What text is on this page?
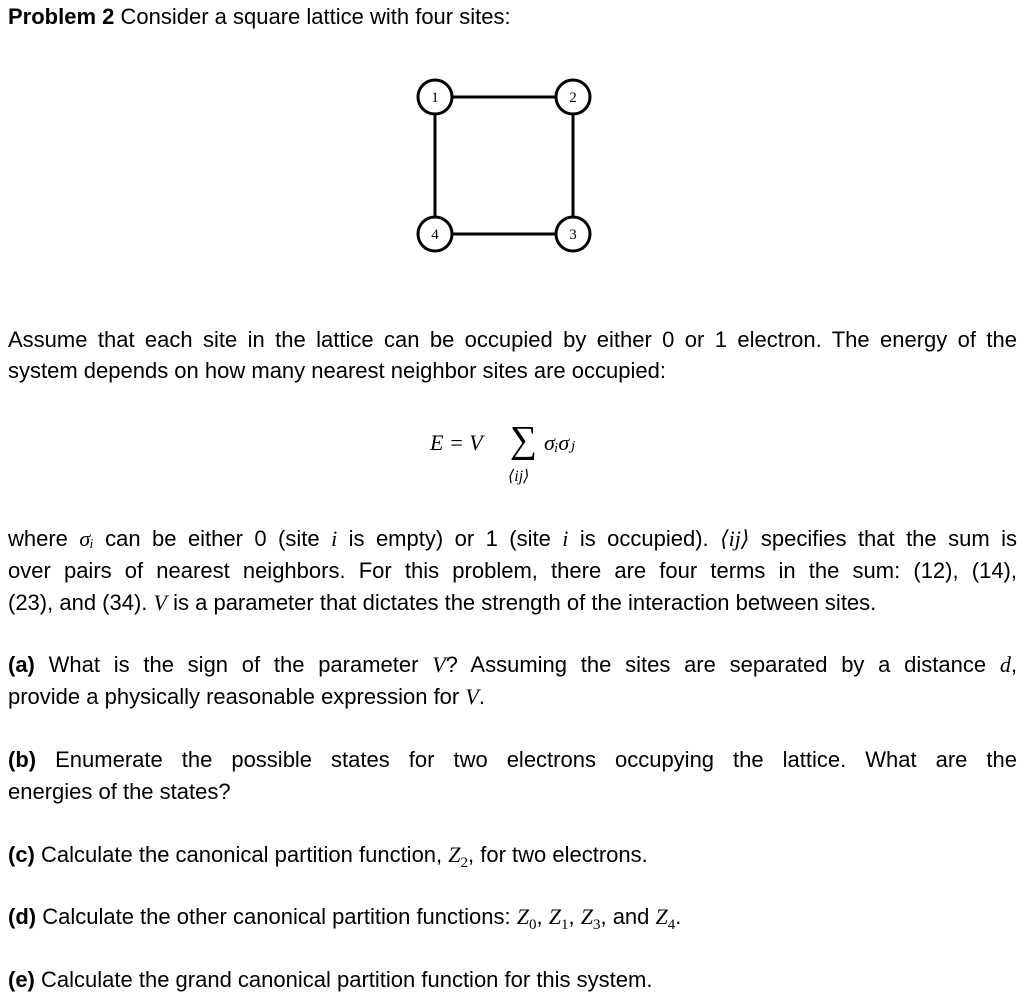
Problem 2 Consider a square lattice with four sites:
1	2
3
4
Assume that each site in the lattice can be occupied by either 0 or 1 electron. The energy of the
system depends on how many nearest neighbor sites are occupied:
E = V ∑ σᵢσⱼ
⟨ij⟩
where σᵢ can be either 0 (site i is empty) or 1 (site i is occupied). ⟨ij⟩ specifies that the sum is
over pairs of nearest neighbors. For this problem, there are four terms in the sum: (12), (14),
(23), and (34). V is a parameter that dictates the strength of the interaction between sites.
(a) What is the sign of the parameter V? Assuming the sites are separated by a distance d,
provide a physically reasonable expression for V.
(b) Enumerate the possible states for two electrons occupying the lattice. What are the
energies of the states?
(c) Calculate the canonical partition function, $Z_2$, for two electrons.
(d) Calculate the other canonical partition functions: $Z_0$, $Z_1$, $Z_3$, and $Z_4$.
(e) Calculate the grand canonical partition function for this system.
